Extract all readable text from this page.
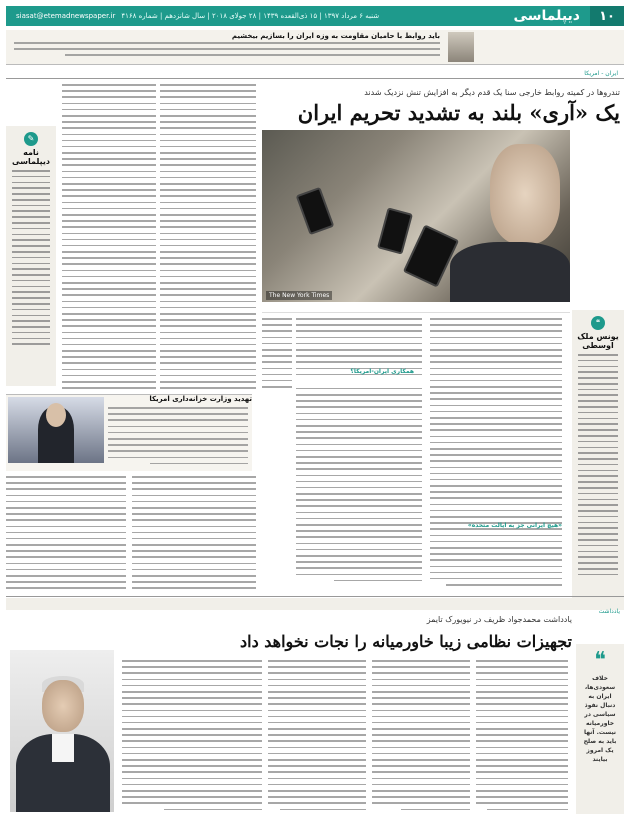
۱۰
دیپلماسی
شنبه ۶ مرداد ۱۳۹۷ | ۱۵ ذی‌القعده ۱۴۳۹ | ۲۸ جولای ۲۰۱۸ | سال شانزدهم | شماره ۴۱۶۸
siasat@etemadnewspaper.ir
باید روابط با حامیان مقاومت به وزه ایران را بسازیم بیخشیم
ایران - امریکا
تندروها در کمیته روابط خارجی سنا یک قدم دیگر به افزایش تنش نزدیک شدند
یک «آری» بلند به تشدید تحریم ایران
The New York Times

❝
یونس ملک اوسطی
✎
نامه دیپلماسی
«هیچ ایرانی جز به ایالت متحده»
همکاری ایران-امریکا؟
تهدید وزارت خزانه‌داری امریکا
یادداشت
یادداشت محمدجواد ظریف در نیویورک تایمز
تجهیزات نظامی زیبا خاورمیانه را نجات نخواهد داد
❝
خلاف سعودی‌ها، ایران به دنبال نفوذ سیاسی در خاورمیانه نیست. آنها باید به صلح یک امروز بیایند
